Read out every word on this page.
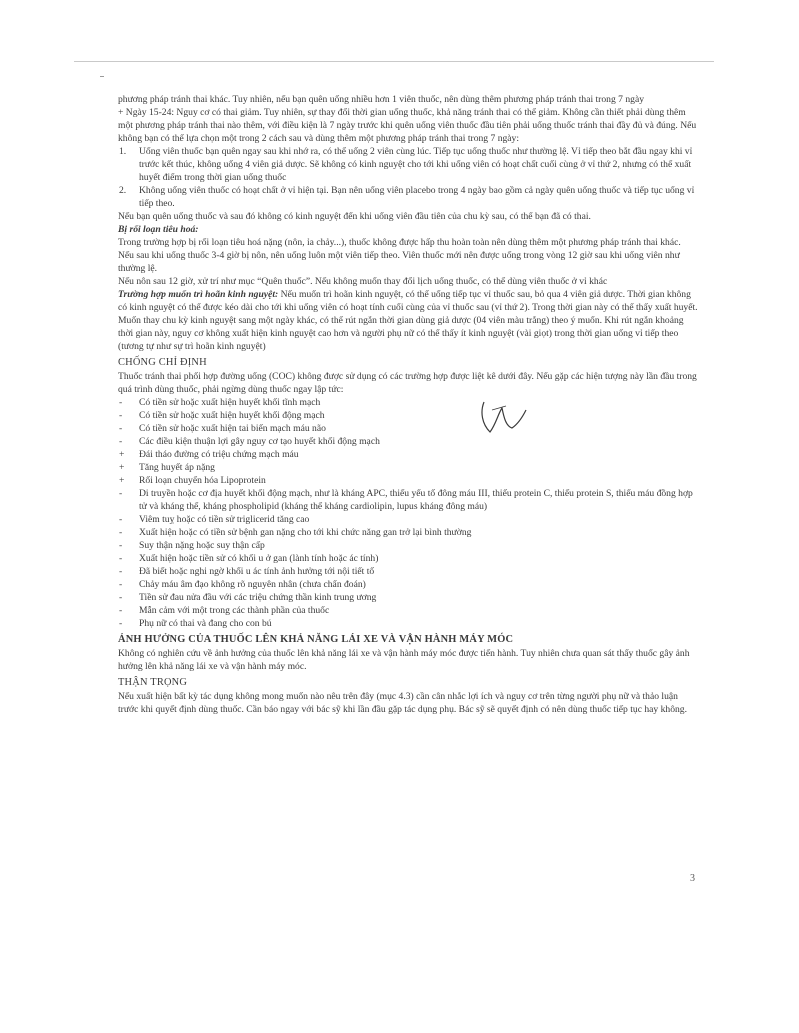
phương pháp tránh thai khác. Tuy nhiên, nếu bạn quên uống nhiều hơn 1 viên thuốc, nên dùng thêm phương pháp tránh thai trong 7 ngày

+ Ngày 15-24: Nguy cơ có thai giảm. Tuy nhiên, sự thay đổi thời gian uống thuốc, khả năng tránh thai có thể giảm. Không cần thiết phải dùng thêm một phương pháp tránh thai nào thêm, với điều kiện là 7 ngày trước khi quên uống viên thuốc đầu tiên phải uống thuốc tránh thai đầy đủ và đúng. Nếu không bạn có thể lựa chọn một trong 2 cách sau và dùng thêm một phương pháp tránh thai trong 7 ngày:

1. Uống viên thuốc bạn quên ngay sau khi nhớ ra, có thể uống 2 viên cùng lúc. Tiếp tục uống thuốc như thường lệ. Vỉ tiếp theo bắt đầu ngay khi vỉ trước kết thúc, không uống 4 viên giả dược. Sẽ không có kinh nguyệt cho tới khi uống viên có hoạt chất cuối cùng ở vỉ thứ 2, nhưng có thể xuất huyết điểm trong thời gian uống thuốc
2. Không uống viên thuốc có hoạt chất ở vỉ hiện tại. Bạn nên uống viên placebo trong 4 ngày bao gồm cả ngày quên uống thuốc và tiếp tục uống vỉ tiếp theo.

Nếu bạn quên uống thuốc và sau đó không có kinh nguyệt đến khi uống viên đầu tiên của chu kỳ sau, có thể bạn đã có thai.

Bị rối loạn tiêu hoá:

Trong trường hợp bị rối loạn tiêu hoá nặng (nôn, ỉa chảy...), thuốc không được hấp thu hoàn toàn nên dùng thêm một phương pháp tránh thai khác. Nếu sau khi uống thuốc 3-4 giờ bị nôn, nên uống luôn một viên tiếp theo. Viên thuốc mới nên được uống trong vòng 12 giờ sau khi uống viên như thường lệ.

Nếu nôn sau 12 giờ, xử trí như mục “Quên thuốc”. Nếu không muốn thay đổi lịch uống thuốc, có thể dùng viên thuốc ở vỉ khác

Trường hợp muốn trì hoãn kinh nguyệt: Nếu muốn trì hoãn kinh nguyệt, có thể uống tiếp tục vỉ thuốc sau, bỏ qua 4 viên giả dược. Thời gian không có kinh nguyệt có thể được kéo dài cho tới khi uống viên có hoạt tính cuối cùng của vỉ thuốc sau (vỉ thứ 2). Trong thời gian này có thể thấy xuất huyết.

Muốn thay chu kỳ kinh nguyệt sang một ngày khác, có thể rút ngắn thời gian dùng giả dược (04 viên màu trắng) theo ý muốn. Khi rút ngắn khoảng thời gian này, nguy cơ không xuất hiện kinh nguyệt cao hơn và người phụ nữ có thể thấy ít kinh nguyệt (vài giọt) trong thời gian uống vỉ tiếp theo (tương tự như sự trì hoãn kinh nguyệt)

CHỐNG CHỈ ĐỊNH

Thuốc tránh thai phối hợp đường uống (COC) không được sử dụng có các trường hợp được liệt kê dưới đây. Nếu gặp các hiện tượng này lần đầu trong quá trình dùng thuốc, phải ngừng dùng thuốc ngay lập tức:

- Có tiền sử hoặc xuất hiện huyết khối tĩnh mạch
- Có tiền sử hoặc xuất hiện huyết khối động mạch
- Có tiền sử hoặc xuất hiện tai biến mạch máu não
- Các điều kiện thuận lợi gây nguy cơ tạo huyết khối động mạch
+ Đái tháo đường có triệu chứng mạch máu
+ Tăng huyết áp nặng
+ Rối loạn chuyển hóa Lipoprotein
- Di truyền hoặc cơ địa huyết khối động mạch, như là kháng APC, thiếu yếu tố đông máu III, thiếu protein C, thiếu protein S, thiếu máu đồng hợp tử và kháng thể, kháng phospholipid (kháng thể kháng cardiolipin, lupus kháng đông máu)
- Viêm tuỵ hoặc có tiền sử triglicerid tăng cao
- Xuất hiện hoặc có tiền sử bệnh gan nặng cho tới khi chức năng gan trở lại bình thường
- Suy thận nặng hoặc suy thận cấp
- Xuất hiện hoặc tiền sử có khối u ở gan (lành tính hoặc ác tính)
- Đã biết hoặc nghi ngờ khối u ác tính ảnh hưởng tới nội tiết tố
- Chảy máu âm đạo không rõ nguyên nhân (chưa chẩn đoán)
- Tiền sử đau nửa đầu với các triệu chứng thần kinh trung ương
- Mẫn cảm với một trong các thành phần của thuốc
- Phụ nữ có thai và đang cho con bú

ẢNH HƯỞNG CỦA THUỐC LÊN KHẢ NĂNG LÁI XE VÀ VẬN HÀNH MÁY MÓC

Không có nghiên cứu về ảnh hưởng của thuốc lên khả năng lái xe và vận hành máy móc được tiến hành. Tuy nhiên chưa quan sát thấy thuốc gây ảnh hưởng lên khả năng lái xe và vận hành máy móc.

THẬN TRỌNG

Nếu xuất hiện bất kỳ tác dụng không mong muốn nào nêu trên đây (mục 4.3) cần cân nhắc lợi ích và nguy cơ trên từng người phụ nữ và thảo luận trước khi quyết định dùng thuốc. Cần báo ngay với bác sỹ khi lần đầu gặp tác dụng phụ. Bác sỹ sẽ quyết định có nên dùng thuốc tiếp tục hay không.

3
